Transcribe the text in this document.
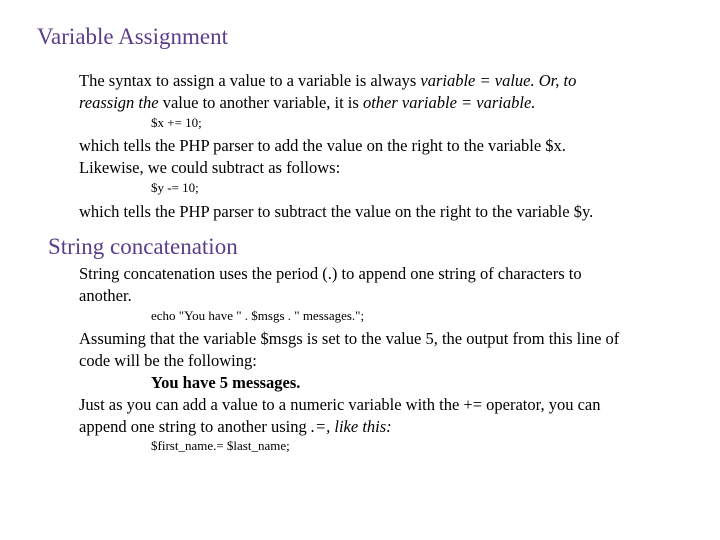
Variable Assignment
The syntax to assign a value to a variable is always variable = value. Or, to
reassign the value to another variable, it is other variable = variable.
$x += 10;
which tells the PHP parser to add the value on the right to the variable $x.
Likewise, we could subtract as follows:
$y -= 10;
which tells the PHP parser to subtract the value on the right to the variable $y.
String concatenation
String concatenation uses the period (.) to append one string of characters to
another.
echo "You have " . $msgs . " messages.";
Assuming that the variable $msgs is set to the value 5, the output from this line of
code will be the following:
You have 5 messages.
Just as you can add a value to a numeric variable with the += operator, you can
append one string to another using .=, like this:
$first_name.= $last_name;
